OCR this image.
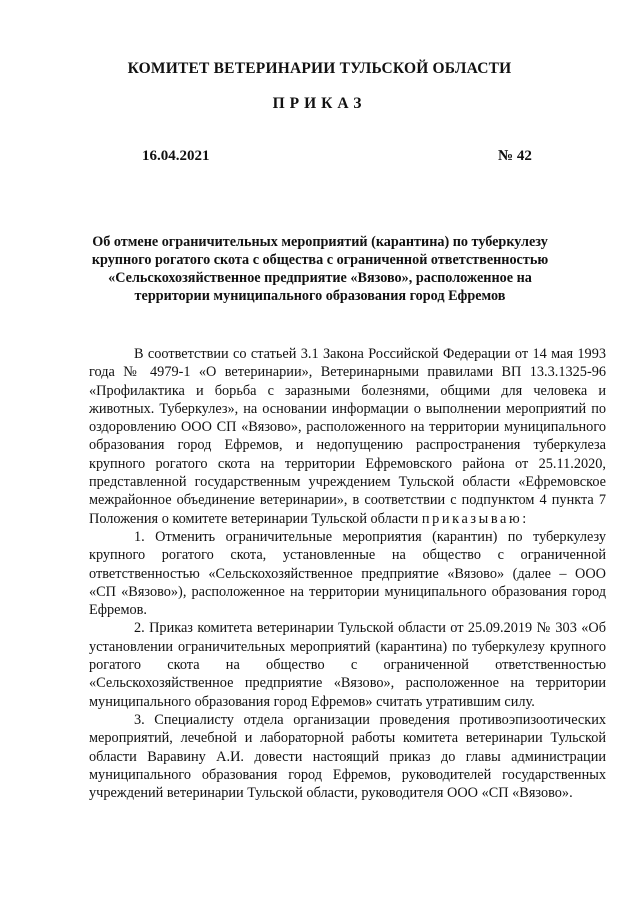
КОМИТЕТ ВЕТЕРИНАРИИ ТУЛЬСКОЙ ОБЛАСТИ
ПРИКАЗ
16.04.2021	№ 42
Об отмене ограничительных мероприятий (карантина) по туберкулезу крупного рогатого скота с общества с ограниченной ответственностью «Сельскохозяйственное предприятие «Вязово», расположенное на территории муниципального образования город Ефремов

В соответствии со статьей 3.1 Закона Российской Федерации от 14 мая 1993 года № 4979-1 «О ветеринарии», Ветеринарными правилами ВП 13.3.1325-96 «Профилактика и борьба с заразными болезнями, общими для человека и животных. Туберкулез», на основании информации о выполнении мероприятий по оздоровлению ООО СП «Вязово», расположенного на территории муниципального образования город Ефремов, и недопущению распространения туберкулеза крупного рогатого скота на территории Ефремовского района от 25.11.2020, представленной государственным учреждением Тульской области «Ефремовское межрайонное объединение ветеринарии», в соответствии с подпунктом 4 пункта 7 Положения о комитете ветеринарии Тульской области приказываю:

1. Отменить ограничительные мероприятия (карантин) по туберкулезу крупного рогатого скота, установленные на общество с ограниченной ответственностью «Сельскохозяйственное предприятие «Вязово» (далее – ООО «СП «Вязово»), расположенное на территории муниципального образования город Ефремов.

2. Приказ комитета ветеринарии Тульской области от 25.09.2019 № 303 «Об установлении ограничительных мероприятий (карантина) по туберкулезу крупного рогатого скота на общество с ограниченной ответственностью «Сельскохозяйственное предприятие «Вязово», расположенное на территории муниципального образования город Ефремов» считать утратившим силу.

3. Специалисту отдела организации проведения противоэпизоотических мероприятий, лечебной и лабораторной работы комитета ветеринарии Тульской области Варавину А.И. довести настоящий приказ до главы администрации муниципального образования город Ефремов, руководителей государственных учреждений ветеринарии Тульской области, руководителя ООО «СП «Вязово».
